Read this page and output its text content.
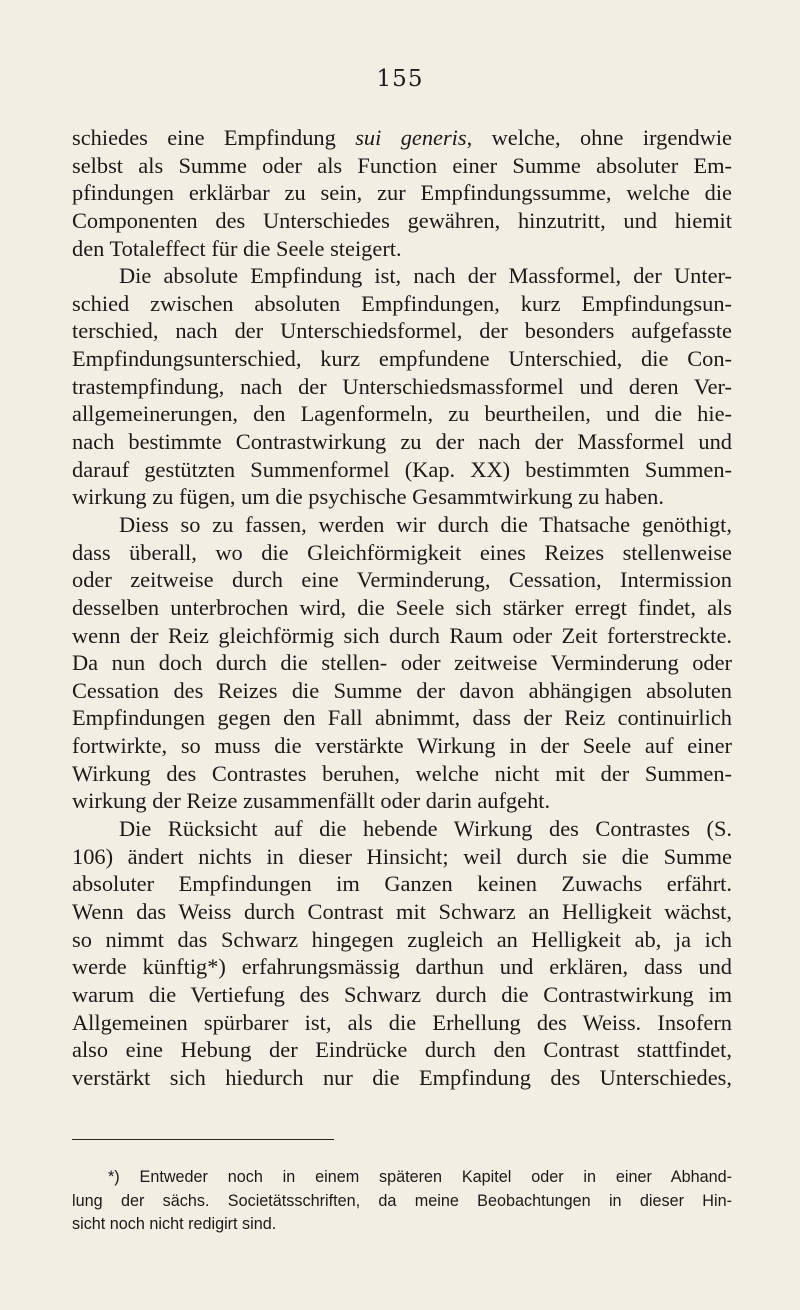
155
schiedes eine Empfindung sui generis, welche, ohne irgendwie
selbst als Summe oder als Function einer Summe absoluter Em-
pfindungen erklärbar zu sein, zur Empfindungssumme, welche die
Componenten des Unterschiedes gewähren, hinzutritt, und hiemit
den Totaleffect für die Seele steigert.
Die absolute Empfindung ist, nach der Massformel, der Unter-
schied zwischen absoluten Empfindungen, kurz Empfindungsun-
terschied, nach der Unterschiedsformel, der besonders aufgefasste
Empfindungsunterschied, kurz empfundene Unterschied, die Con-
trastempfindung, nach der Unterschiedsmassformel und deren Ver-
allgemeinerungen, den Lagenformeln, zu beurtheilen, und die hie-
nach bestimmte Contrastwirkung zu der nach der Massformel und
darauf gestützten Summenformel (Kap. XX) bestimmten Summen-
wirkung zu fügen, um die psychische Gesammtwirkung zu haben.
Diess so zu fassen, werden wir durch die Thatsache genöthigt,
dass überall, wo die Gleichförmigkeit eines Reizes stellenweise
oder zeitweise durch eine Verminderung, Cessation, Intermission
desselben unterbrochen wird, die Seele sich stärker erregt findet, als
wenn der Reiz gleichförmig sich durch Raum oder Zeit forterstreckte.
Da nun doch durch die stellen- oder zeitweise Verminderung oder
Cessation des Reizes die Summe der davon abhängigen absoluten
Empfindungen gegen den Fall abnimmt, dass der Reiz continuirlich
fortwirkte, so muss die verstärkte Wirkung in der Seele auf einer
Wirkung des Contrastes beruhen, welche nicht mit der Summen-
wirkung der Reize zusammenfällt oder darin aufgeht.
Die Rücksicht auf die hebende Wirkung des Contrastes (S.
106) ändert nichts in dieser Hinsicht; weil durch sie die Summe
absoluter Empfindungen im Ganzen keinen Zuwachs erfährt.
Wenn das Weiss durch Contrast mit Schwarz an Helligkeit wächst,
so nimmt das Schwarz hingegen zugleich an Helligkeit ab, ja ich
werde künftig*) erfahrungsmässig darthun und erklären, dass und
warum die Vertiefung des Schwarz durch die Contrastwirkung im
Allgemeinen spürbarer ist, als die Erhellung des Weiss. Insofern
also eine Hebung der Eindrücke durch den Contrast stattfindet,
verstärkt sich hiedurch nur die Empfindung des Unterschiedes,
*) Entweder noch in einem späteren Kapitel oder in einer Abhand-
lung der sächs. Societätsschriften, da meine Beobachtungen in dieser Hin-
sicht noch nicht redigirt sind.
